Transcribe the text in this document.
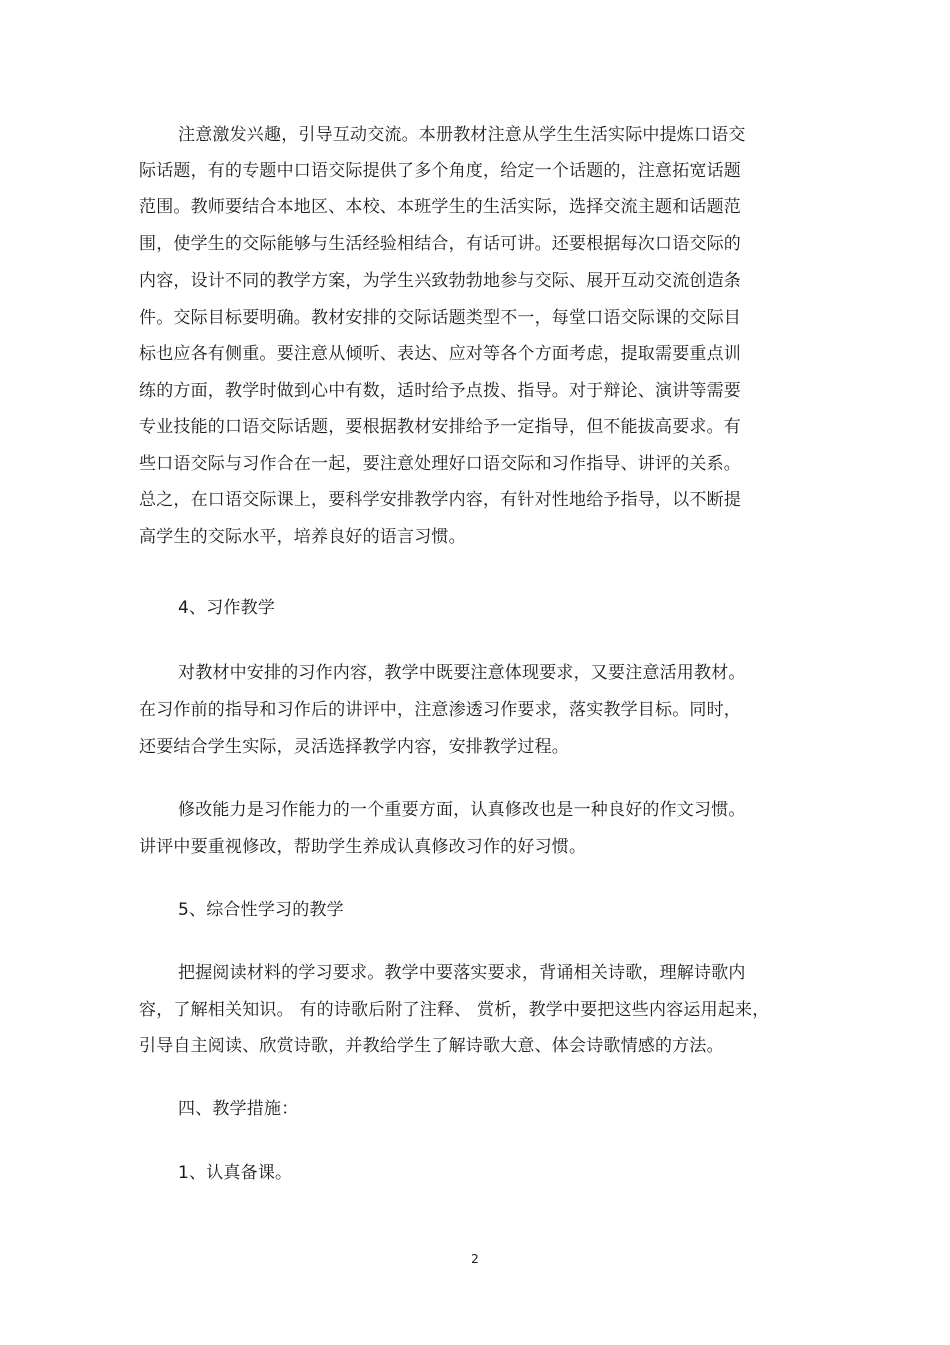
注意激发兴趣，引导互动交流。本册教材注意从学生生活实际中提炼口语交
际话题，有的专题中口语交际提供了多个角度，给定一个话题的，注意拓宽话题
范围。教师要结合本地区、本校、本班学生的生活实际，选择交流主题和话题范
围，使学生的交际能够与生活经验相结合，有话可讲。还要根据每次口语交际的
内容，设计不同的教学方案，为学生兴致勃勃地参与交际、展开互动交流创造条
件。交际目标要明确。教材安排的交际话题类型不一，每堂口语交际课的交际目
标也应各有侧重。要注意从倾听、表达、应对等各个方面考虑，提取需要重点训
练的方面，教学时做到心中有数，适时给予点拨、指导。对于辩论、演讲等需要
专业技能的口语交际话题，要根据教材安排给予一定指导，但不能拔高要求。有
些口语交际与习作合在一起，要注意处理好口语交际和习作指导、讲评的关系。
总之，在口语交际课上，要科学安排教学内容，有针对性地给予指导，以不断提
高学生的交际水平，培养良好的语言习惯。
4、习作教学
对教材中安排的习作内容，教学中既要注意体现要求，又要注意活用教材。
在习作前的指导和习作后的讲评中，注意渗透习作要求，落实教学目标。同时，
还要结合学生实际，灵活选择教学内容，安排教学过程。
修改能力是习作能力的一个重要方面，认真修改也是一种良好的作文习惯。
讲评中要重视修改，帮助学生养成认真修改习作的好习惯。
5、综合性学习的教学
把握阅读材料的学习要求。教学中要落实要求，背诵相关诗歌，理解诗歌内
容，了解相关知识。 有的诗歌后附了注释、 赏析，教学中要把这些内容运用起来，
引导自主阅读、欣赏诗歌，并教给学生了解诗歌大意、体会诗歌情感的方法。
四、教学措施：
1、认真备课。
2
